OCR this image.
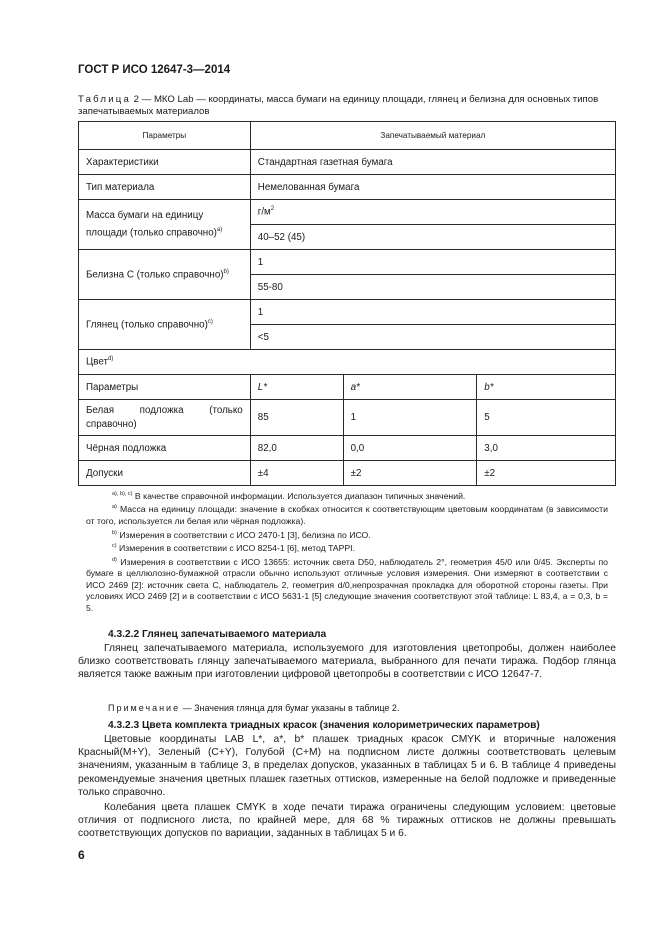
ГОСТ Р ИСО 12647-3—2014
Таблица 2 — МКО Lab — координаты, масса бумаги на единицу площади, глянец и белизна для основных типов запечатываемых материалов
Параметры	Запечатываемый материал		
Характеристики	Стандартная газетная бумага		
Тип материала	Немелованная бумага		
Масса бумаги на единицу площади (только справочно)$^{a)}$	$г/м^2$
	40–52 (45)		
Белизна С (только справочно)$^{b)}$	1		
	55-80		
Глянец (только справочно)$^{c)}$	1		
	<5		
Цвет$^{d)}$
Параметры	L*	a*	b*
Белая подложка (только справочно)	85	1	5
Чёрная подложка	82,0	0,0	3,0
Допуски	±4	±2	±2

$^{a), b), c)}$ В качестве справочной информации. Используется диапазон типичных значений.

$^{a)}$ Масса на единицу площади: значение в скобках относится к соответствующим цветовым координатам (в зависимости от того, используется ли белая или чёрная подложка).

$^{b)}$ Измерения в соответствии с ИСО 2470-1 [3], белизна по ИСО.

$^{c)}$ Измерения в соответствии с ИСО 8254-1 [6], метод TAPPI.

$^{d)}$ Измерения в соответствии с ИСО 13655: источник света D50, наблюдатель 2°, геометрия 45/0 или 0/45. Эксперты по бумаге в целлюлозно-бумажной отрасли обычно используют отличные условия измерения. Они измеряют в соответствии с ИСО 2469 [2]: источник света С, наблюдатель 2, геометрия d/0,непрозрачная прокладка для оборотной стороны газеты. При условиях ИСО 2469 [2] и в соответствии с ИСО 5631-1 [5] следующие значения соответствуют этой таблице: L 83,4, a = 0,3, b = 5.

4.3.2.2 Глянец запечатываемого материала

Глянец запечатываемого материала, используемого для изготовления цветопробы, должен наиболее близко соответствовать глянцу запечатываемого материала, выбранного для печати тиража. Подбор глянца является также важным при изготовлении цифровой цветопробы в соответствии с ИСО 12647-7.

Примечание — Значения глянца для бумаг указаны в таблице 2.
4.3.2.3 Цвета комплекта триадных красок (значения колориметрических параметров)

Цветовые координаты LAB L*, a*, b* плашек триадных красок CMYK и вторичные наложения Красный(M+Y), Зеленый (C+Y), Голубой (C+M) на подписном листе должны соответствовать целевым значениям, указанным в таблице 3, в пределах допусков, указанных в таблицах 5 и 6. В таблице 4 приведены рекомендуемые значения цветных плашек газетных оттисков, измеренные на белой подложке и приведенные только справочно.

Колебания цвета плашек CMYK в ходе печати тиража ограничены следующим условием: цветовые отличия от подписного листа, по крайней мере, для 68 % тиражных оттисков не должны превышать соответствующих допусков по вариации, заданных в таблицах 5 и 6.

6
